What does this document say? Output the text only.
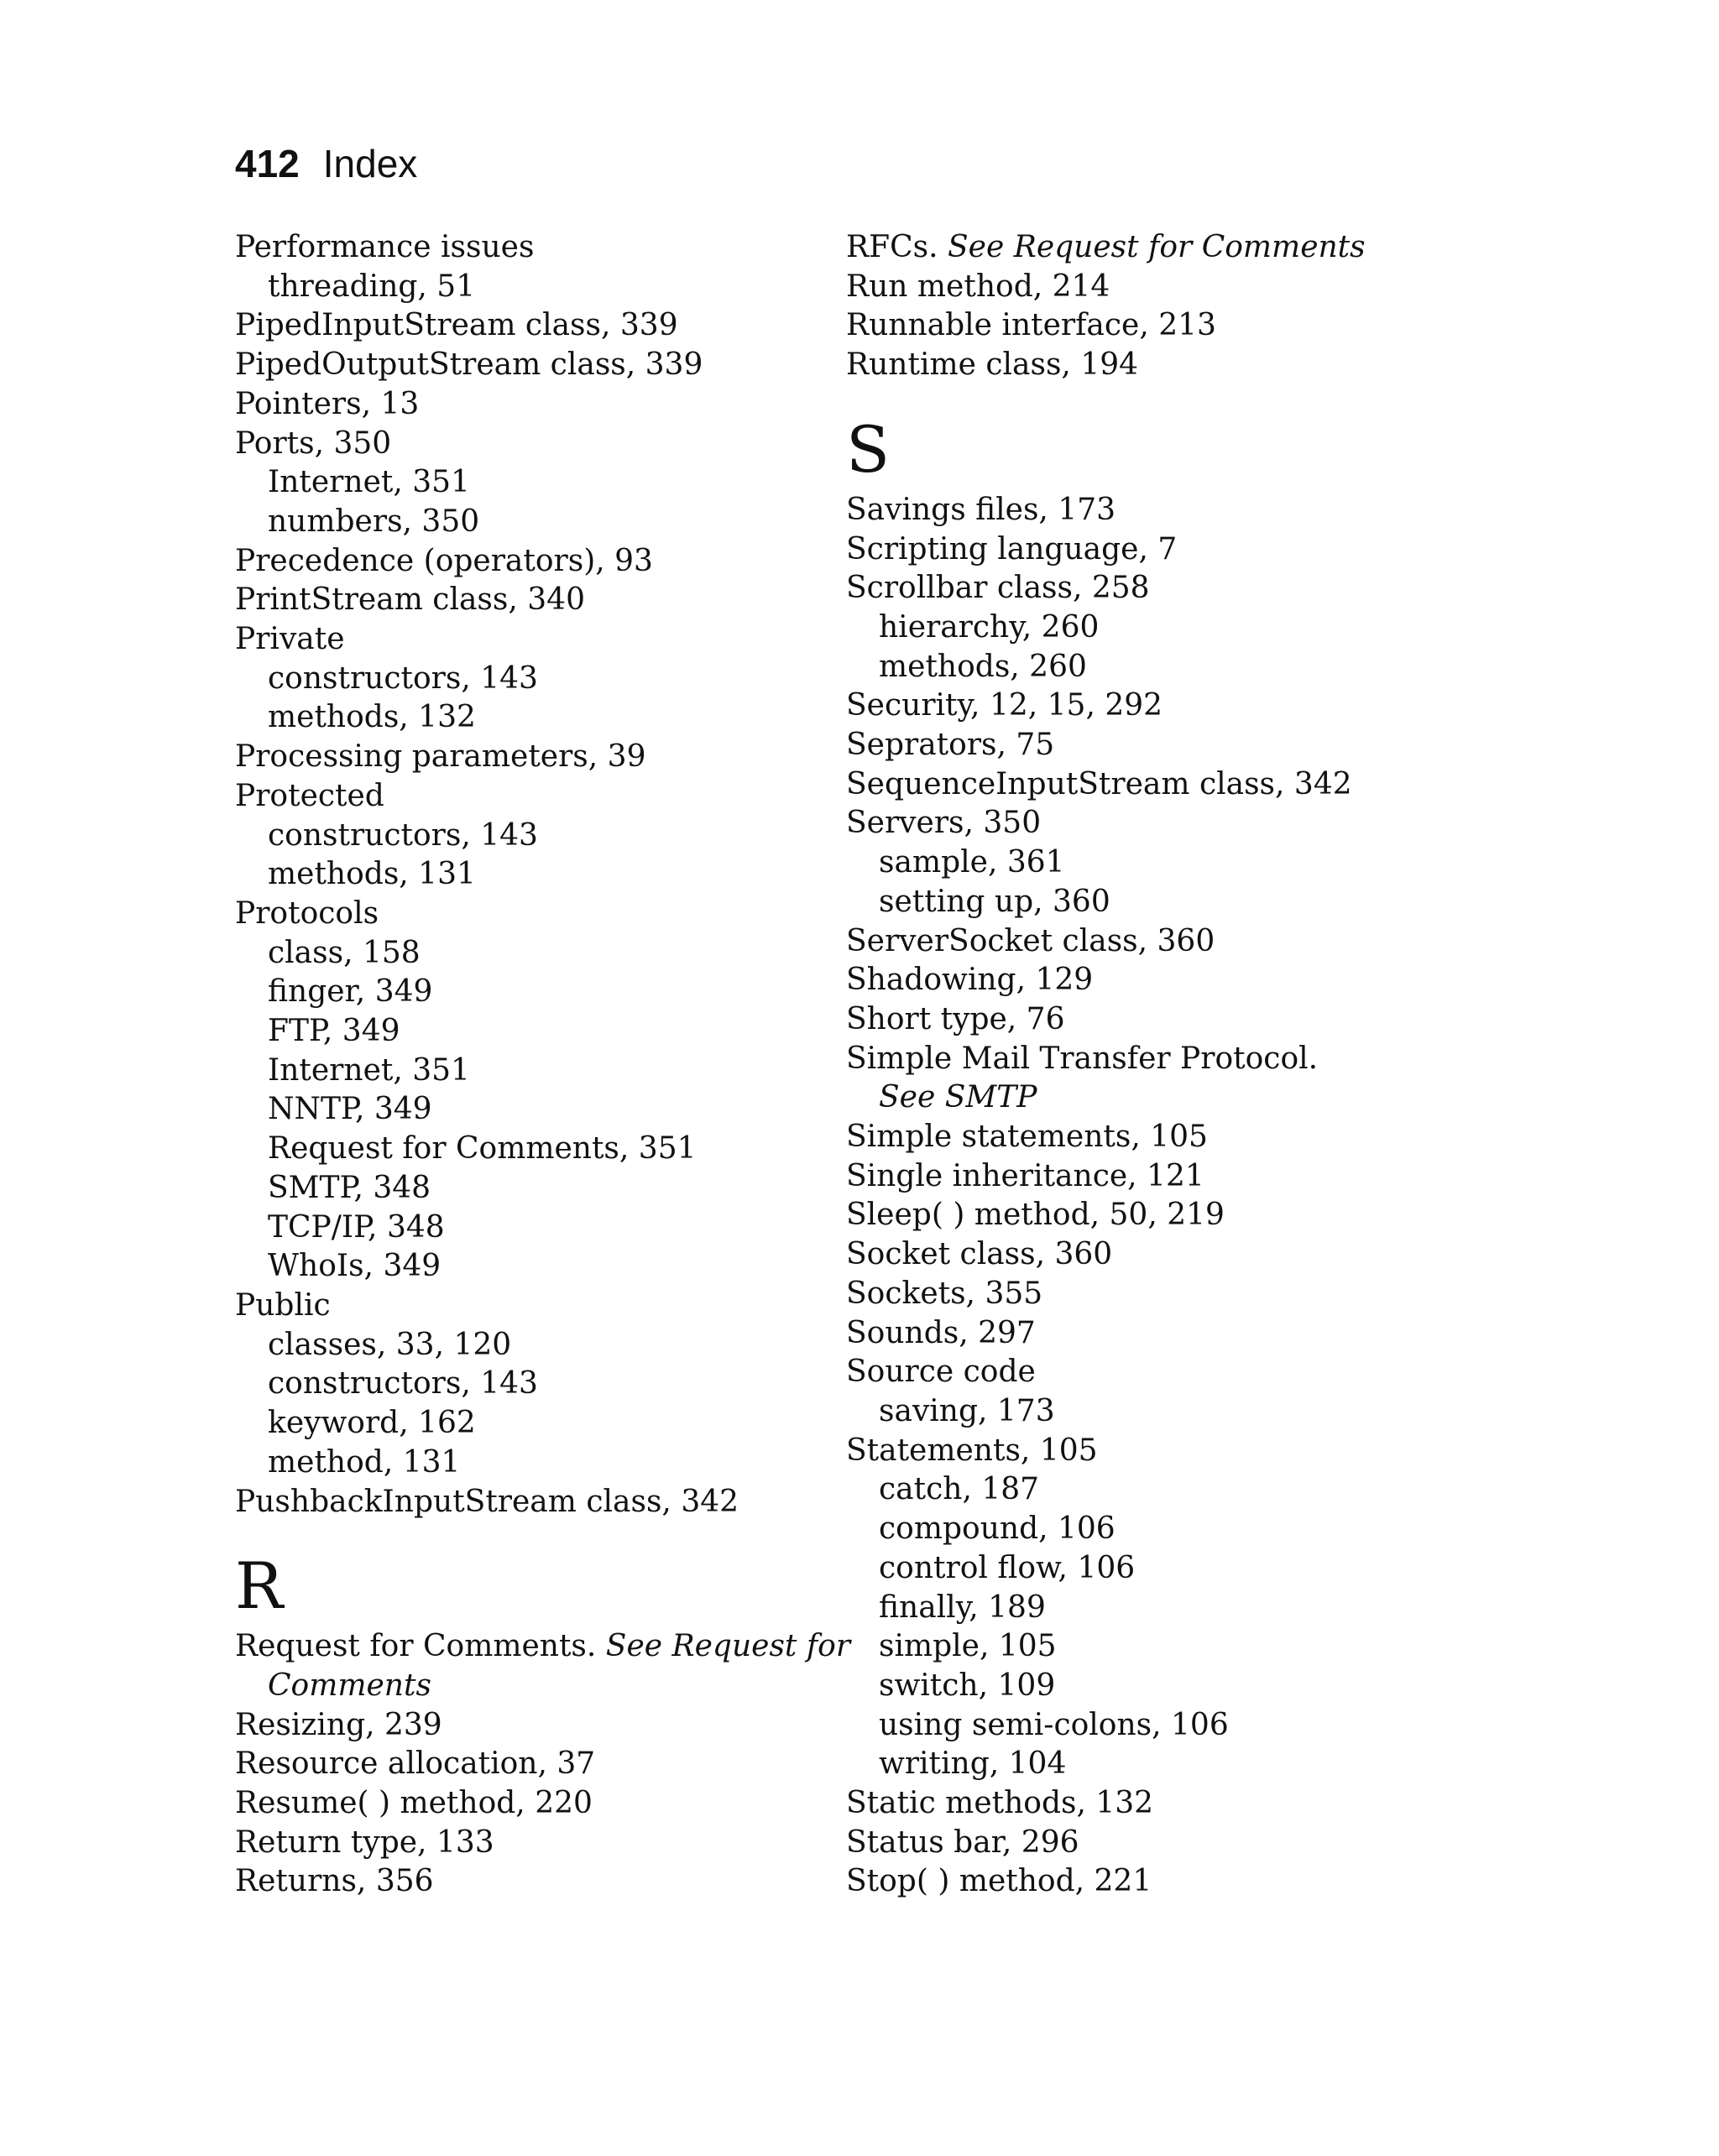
412 Index
Performance issues
threading, 51
PipedInputStream class, 339
PipedOutputStream class, 339
Pointers, 13
Ports, 350
Internet, 351
numbers, 350
Precedence (operators), 93
PrintStream class, 340
Private
constructors, 143
methods, 132
Processing parameters, 39
Protected
constructors, 143
methods, 131
Protocols
class, 158
finger, 349
FTP, 349
Internet, 351
NNTP, 349
Request for Comments, 351
SMTP, 348
TCP/IP, 348
WhoIs, 349
Public
classes, 33, 120
constructors, 143
keyword, 162
method, 131
PushbackInputStream class, 342
R
Request for Comments. See Request for
Comments
Resizing, 239
Resource allocation, 37
Resume( ) method, 220
Return type, 133
Returns, 356
RFCs. See Request for Comments
Run method, 214
Runnable interface, 213
Runtime class, 194
S
Savings files, 173
Scripting language, 7
Scrollbar class, 258
hierarchy, 260
methods, 260
Security, 12, 15, 292
Seprators, 75
SequenceInputStream class, 342
Servers, 350
sample, 361
setting up, 360
ServerSocket class, 360
Shadowing, 129
Short type, 76
Simple Mail Transfer Protocol.
See SMTP
Simple statements, 105
Single inheritance, 121
Sleep( ) method, 50, 219
Socket class, 360
Sockets, 355
Sounds, 297
Source code
saving, 173
Statements, 105
catch, 187
compound, 106
control flow, 106
finally, 189
simple, 105
switch, 109
using semi-colons, 106
writing, 104
Static methods, 132
Status bar, 296
Stop( ) method, 221
